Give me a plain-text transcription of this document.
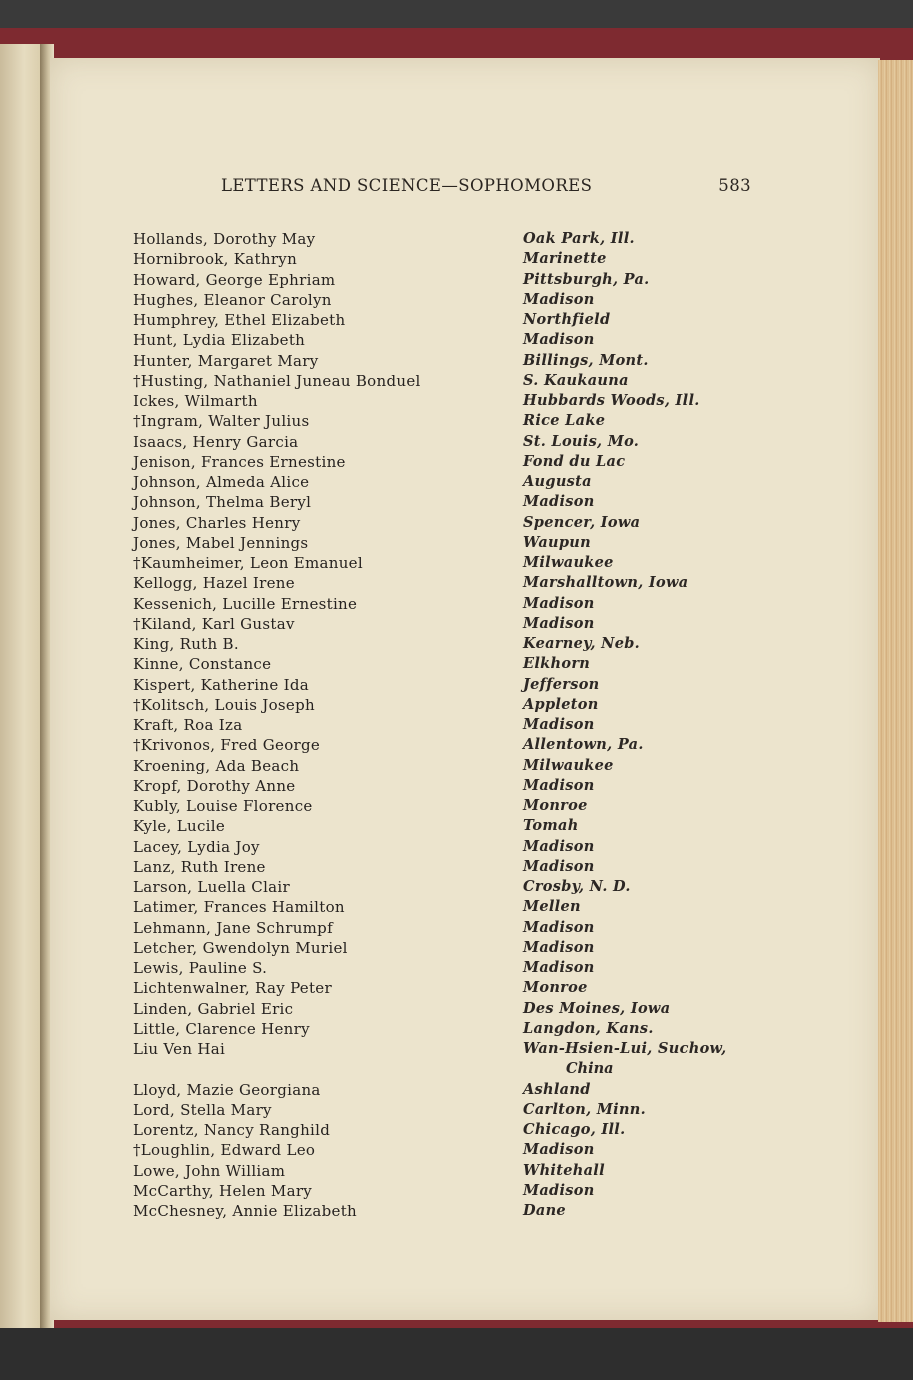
LETTERS AND SCIENCE—SOPHOMORES	583
Hollands, Dorothy May	Oak Park, Ill.
Hornibrook, Kathryn	Marinette
Howard, George Ephriam	Pittsburgh, Pa.
Hughes, Eleanor Carolyn	Madison
Humphrey, Ethel Elizabeth	Northfield
Hunt, Lydia Elizabeth	Madison
Hunter, Margaret Mary	Billings, Mont.
†Husting, Nathaniel Juneau Bonduel	S. Kaukauna
Ickes, Wilmarth	Hubbards Woods, Ill.
†Ingram, Walter Julius	Rice Lake
Isaacs, Henry Garcia	St. Louis, Mo.
Jenison, Frances Ernestine	Fond du Lac
Johnson, Almeda Alice	Augusta
Johnson, Thelma Beryl	Madison
Jones, Charles Henry	Spencer, Iowa
Jones, Mabel Jennings	Waupun
†Kaumheimer, Leon Emanuel	Milwaukee
Kellogg, Hazel Irene	Marshalltown, Iowa
Kessenich, Lucille Ernestine	Madison
†Kiland, Karl Gustav	Madison
King, Ruth B.	Kearney, Neb.
Kinne, Constance	Elkhorn
Kispert, Katherine Ida	Jefferson
†Kolitsch, Louis Joseph	Appleton
Kraft, Roa Iza	Madison
†Krivonos, Fred George	Allentown, Pa.
Kroening, Ada Beach	Milwaukee
Kropf, Dorothy Anne	Madison
Kubly, Louise Florence	Monroe
Kyle, Lucile	Tomah
Lacey, Lydia Joy	Madison
Lanz, Ruth Irene	Madison
Larson, Luella Clair	Crosby, N. D.
Latimer, Frances Hamilton	Mellen
Lehmann, Jane Schrumpf	Madison
Letcher, Gwendolyn Muriel	Madison
Lewis, Pauline S.	Madison
Lichtenwalner, Ray Peter	Monroe
Linden, Gabriel Eric	Des Moines, Iowa
Little, Clarence Henry	Langdon, Kans.
Liu Ven Hai	Wan-Hsien-Lui, Suchow,
China
Lloyd, Mazie Georgiana	Ashland
Lord, Stella Mary	Carlton, Minn.
Lorentz, Nancy Ranghild	Chicago, Ill.
†Loughlin, Edward Leo	Madison
Lowe, John William	Whitehall
McCarthy, Helen Mary	Madison
McChesney, Annie Elizabeth	Dane
